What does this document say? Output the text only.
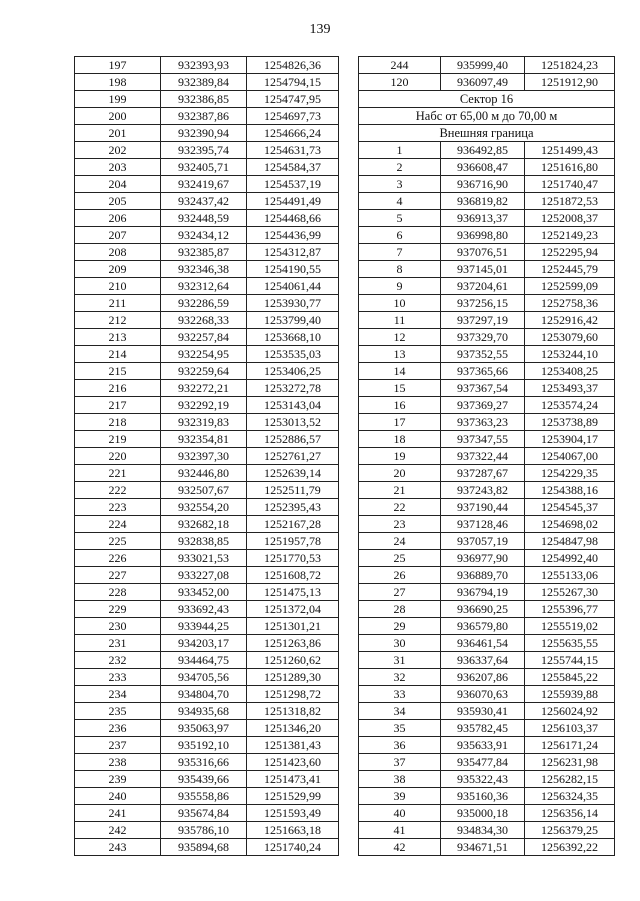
139
197	932393,93	1254826,36
198	932389,84	1254794,15
199	932386,85	1254747,95
200	932387,86	1254697,73
201	932390,94	1254666,24
202	932395,74	1254631,73
203	932405,71	1254584,37
204	932419,67	1254537,19
205	932437,42	1254491,49
206	932448,59	1254468,66
207	932434,12	1254436,99
208	932385,87	1254312,87
209	932346,38	1254190,55
210	932312,64	1254061,44
211	932286,59	1253930,77
212	932268,33	1253799,40
213	932257,84	1253668,10
214	932254,95	1253535,03
215	932259,64	1253406,25
216	932272,21	1253272,78
217	932292,19	1253143,04
218	932319,83	1253013,52
219	932354,81	1252886,57
220	932397,30	1252761,27
221	932446,80	1252639,14
222	932507,67	1252511,79
223	932554,20	1252395,43
224	932682,18	1252167,28
225	932838,85	1251957,78
226	933021,53	1251770,53
227	933227,08	1251608,72
228	933452,00	1251475,13
229	933692,43	1251372,04
230	933944,25	1251301,21
231	934203,17	1251263,86
232	934464,75	1251260,62
233	934705,56	1251289,30
234	934804,70	1251298,72
235	934935,68	1251318,82
236	935063,97	1251346,20
237	935192,10	1251381,43
238	935316,66	1251423,60
239	935439,66	1251473,41
240	935558,86	1251529,99
241	935674,84	1251593,49
242	935786,10	1251663,18
243	935894,68	1251740,24
244	935999,40	1251824,23
120	936097,49	1251912,90
Сектор 16		
Набс от 65,00 м до 70,00 м		
Внешняя граница		
1	936492,85	1251499,43
2	936608,47	1251616,80
3	936716,90	1251740,47
4	936819,82	1251872,53
5	936913,37	1252008,37
6	936998,80	1252149,23
7	937076,51	1252295,94
8	937145,01	1252445,79
9	937204,61	1252599,09
10	937256,15	1252758,36
11	937297,19	1252916,42
12	937329,70	1253079,60
13	937352,55	1253244,10
14	937365,66	1253408,25
15	937367,54	1253493,37
16	937369,27	1253574,24
17	937363,23	1253738,89
18	937347,55	1253904,17
19	937322,44	1254067,00
20	937287,67	1254229,35
21	937243,82	1254388,16
22	937190,44	1254545,37
23	937128,46	1254698,02
24	937057,19	1254847,98
25	936977,90	1254992,40
26	936889,70	1255133,06
27	936794,19	1255267,30
28	936690,25	1255396,77
29	936579,80	1255519,02
30	936461,54	1255635,55
31	936337,64	1255744,15
32	936207,86	1255845,22
33	936070,63	1255939,88
34	935930,41	1256024,92
35	935782,45	1256103,37
36	935633,91	1256171,24
37	935477,84	1256231,98
38	935322,43	1256282,15
39	935160,36	1256324,35
40	935000,18	1256356,14
41	934834,30	1256379,25
42	934671,51	1256392,22
